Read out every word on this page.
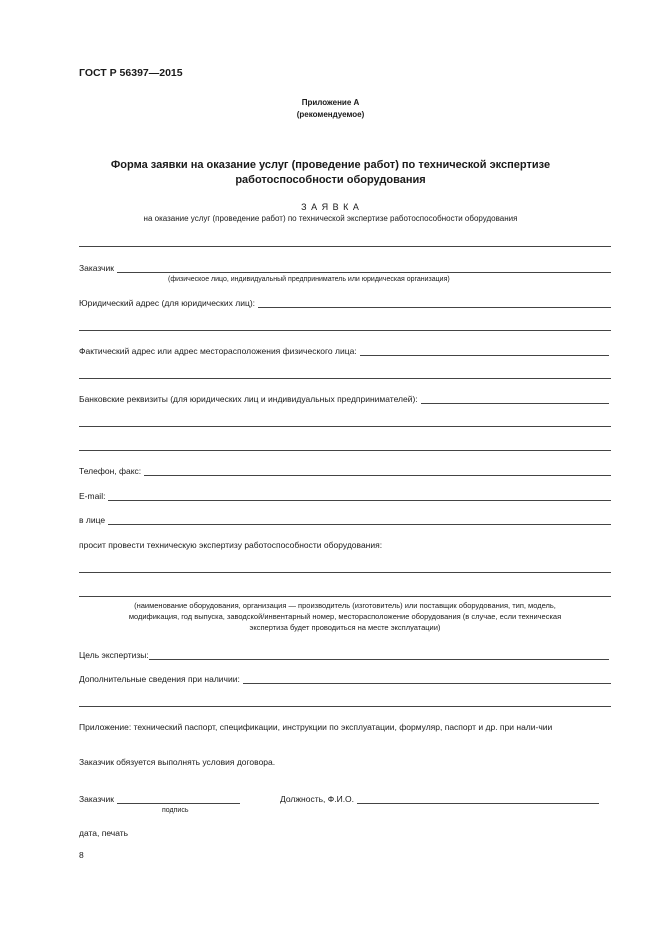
ГОСТ Р 56397—2015
Приложение А
(рекомендуемое)
Форма заявки на оказание услуг (проведение работ) по технической экспертизе
работоспособности оборудования
З А Я В К А
на оказание услуг (проведение работ) по технической экспертизе работоспособности оборудования
Заказчик
(физическое лицо, индивидуальный предприниматель или юридическая организация)
Юридический адрес (для юридических лиц):
Фактический адрес или адрес месторасположения физического лица:
Банковские реквизиты (для юридических лиц и индивидуальных предпринимателей):
Телефон, факс:
E-mail:
в лице
просит провести техническую экспертизу работоспособности оборудования:
(наименование оборудования, организация — производитель (изготовитель) или поставщик оборудования, тип, модель,
модификация, год выпуска, заводской/инвентарный номер, месторасположение оборудования (в случае, если техническая
экспертиза будет проводиться на месте эксплуатации)
Цель экспертизы:
Дополнительные сведения при наличии:
Приложение: технический паспорт, спецификации, инструкции по эксплуатации, формуляр, паспорт и др. при нали-чии
Заказчик обязуется выполнять условия договора.
Заказчик
подпись
Должность, Ф.И.О.
дата, печать
8
